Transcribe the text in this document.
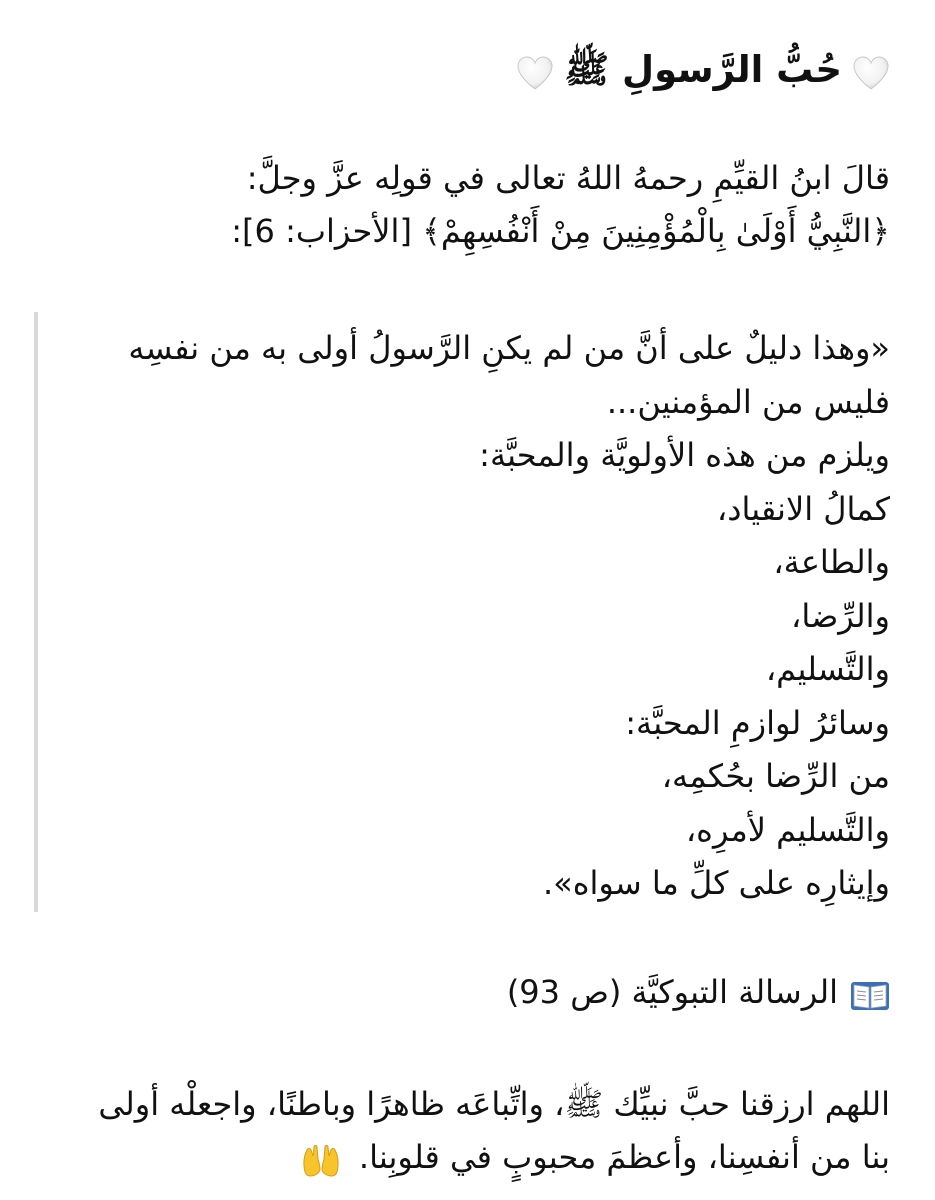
حُبُّ الرَّسولِ ﷺ
قالَ ابنُ القيِّمِ رحمهُ اللهُ تعالى في قولِه عزَّ وجلَّ:
﴿النَّبِيُّ أَوْلَىٰ بِالْمُؤْمِنِينَ مِنْ أَنْفُسِهِمْ﴾ [الأحزاب: 6]:
«وهذا دليلٌ على أنَّ من لم يكنِ الرَّسولُ أولى به من نفسِه
فليس من المؤمنين...
ويلزم من هذه الأولويَّة والمحبَّة:
كمالُ الانقياد،
والطاعة،
والرِّضا،
والتَّسليم،
وسائرُ لوازمِ المحبَّة:
من الرِّضا بحُكمِه،
والتَّسليم لأمرِه،
وإيثارِه على كلِّ ما سواه».
الرسالة التبوكيَّة (ص 93)
اللهم ارزقنا حبَّ نبيِّك ﷺ، واتِّباعَه ظاهرًا وباطنًا، واجعلْه أولى
بنا من أنفسِنا، وأعظمَ محبوبٍ في قلوبِنا.
